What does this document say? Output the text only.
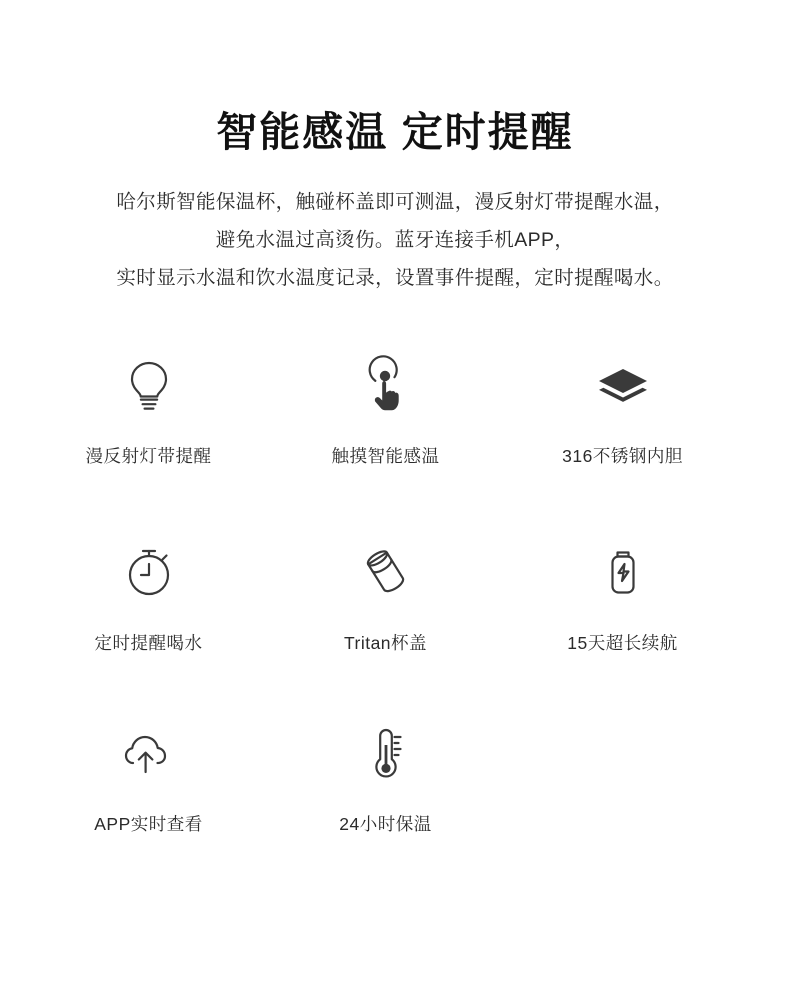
智能感温 定时提醒
哈尔斯智能保温杯，触碰杯盖即可测温，漫反射灯带提醒水温，
避免水温过高烫伤。蓝牙连接手机APP，
实时显示水温和饮水温度记录，设置事件提醒，定时提醒喝水。
漫反射灯带提醒	触摸智能感温	316不锈钢内胆
定时提醒喝水	Tritan杯盖	15天超长续航
APP实时查看	24小时保温
